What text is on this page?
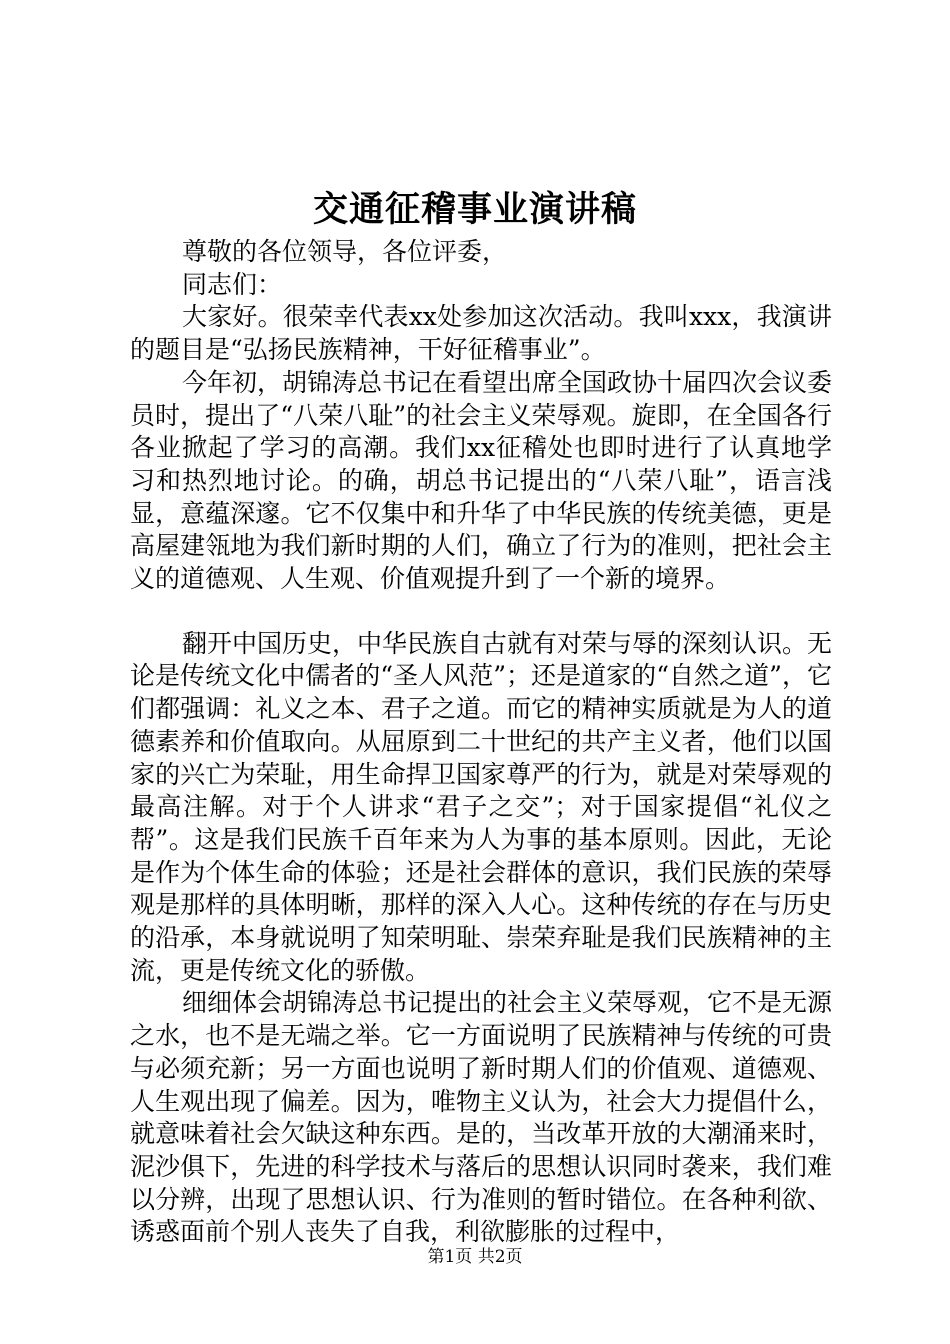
交通征稽事业演讲稿

尊敬的各位领导，各位评委，

同志们：

大家好。很荣幸代表xx处参加这次活动。我叫xxx，我演讲的题目是“弘扬民族精神，干好征稽事业”。

今年初，胡锦涛总书记在看望出席全国政协十届四次会议委员时，提出了“八荣八耻”的社会主义荣辱观。旋即，在全国各行各业掀起了学习的高潮。我们xx征稽处也即时进行了认真地学习和热烈地讨论。的确，胡总书记提出的“八荣八耻”，语言浅显，意蕴深邃。它不仅集中和升华了中华民族的传统美德，更是高屋建瓴地为我们新时期的人们，确立了行为的准则，把社会主义的道德观、人生观、价值观提升到了一个新的境界。

翻开中国历史，中华民族自古就有对荣与辱的深刻认识。无论是传统文化中儒者的“圣人风范”；还是道家的“自然之道”，它们都强调：礼义之本、君子之道。而它的精神实质就是为人的道德素养和价值取向。从屈原到二十世纪的共产主义者，他们以国家的兴亡为荣耻，用生命捍卫国家尊严的行为，就是对荣辱观的最高注解。对于个人讲求“君子之交”；对于国家提倡“礼仪之帮”。这是我们民族千百年来为人为事的基本原则。因此，无论是作为个体生命的体验；还是社会群体的意识，我们民族的荣辱观是那样的具体明晰，那样的深入人心。这种传统的存在与历史的沿承，本身就说明了知荣明耻、崇荣弃耻是我们民族精神的主流，更是传统文化的骄傲。

细细体会胡锦涛总书记提出的社会主义荣辱观，它不是无源之水，也不是无端之举。它一方面说明了民族精神与传统的可贵与必须充新；另一方面也说明了新时期人们的价值观、道德观、人生观出现了偏差。因为，唯物主义认为，社会大力提倡什么，就意味着社会欠缺这种东西。是的，当改革开放的大潮涌来时，泥沙俱下，先进的科学技术与落后的思想认识同时袭来，我们难以分辨，出现了思想认识、行为准则的暂时错位。在各种利欲、诱惑面前个别人丧失了自我，利欲膨胀的过程中，

第1页 共2页
